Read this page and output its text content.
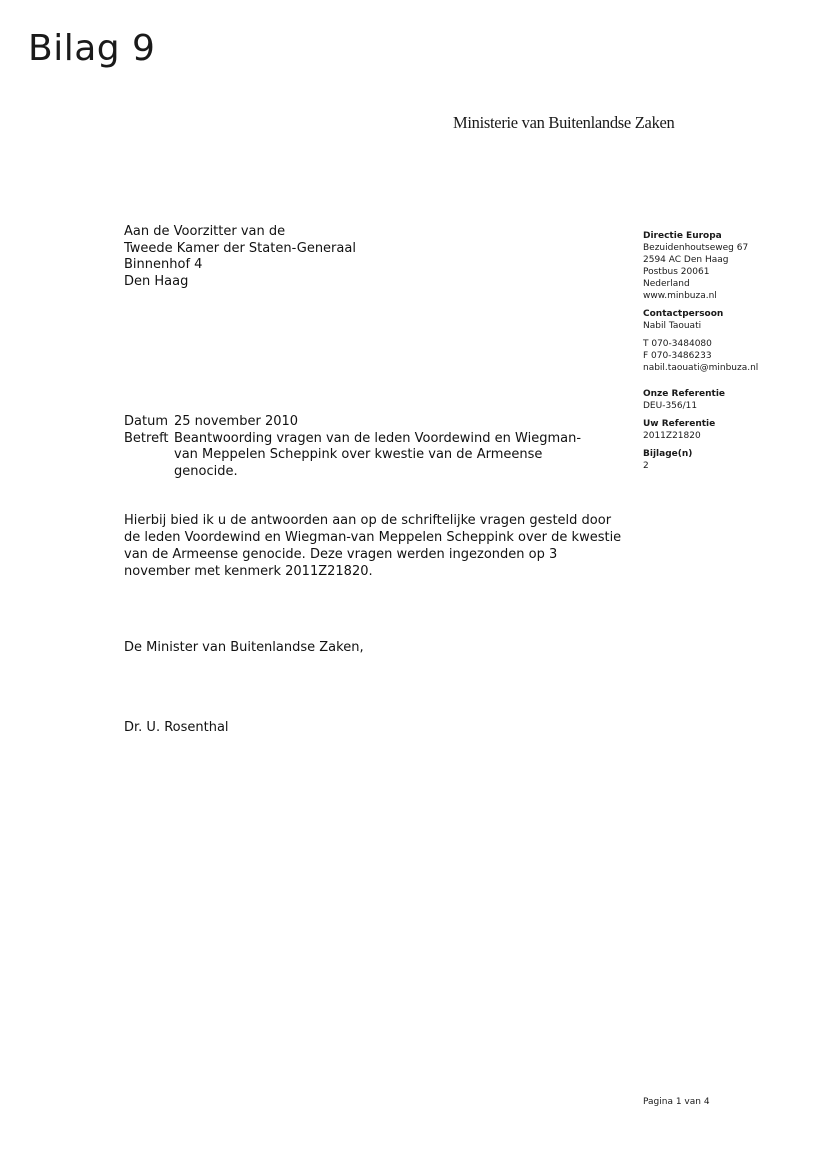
Bilag 9
Ministerie van Buitenlandse Zaken
Aan de Voorzitter van de
Tweede Kamer der Staten-Generaal
Binnenhof 4
Den Haag
Directie Europa
Bezuidenhoutseweg 67
2594 AC Den Haag
Postbus 20061
Nederland
www.minbuza.nl
Contactpersoon
Nabil Taouati
T 070-3484080
F 070-3486233
nabil.taouati@minbuza.nl
Onze Referentie
DEU-356/11
Uw Referentie
2011Z21820
Bijlage(n)
2
Datum 25 november 2010
Betreft Beantwoording vragen van de leden Voordewind en Wiegman-van Meppelen Scheppink over kwestie van de Armeense genocide.
Hierbij bied ik u de antwoorden aan op de schriftelijke vragen gesteld door de leden Voordewind en Wiegman-van Meppelen Scheppink over de kwestie van de Armeense genocide. Deze vragen werden ingezonden op 3 november met kenmerk 2011Z21820.
De Minister van Buitenlandse Zaken,
Dr. U. Rosenthal
Pagina 1 van 4
